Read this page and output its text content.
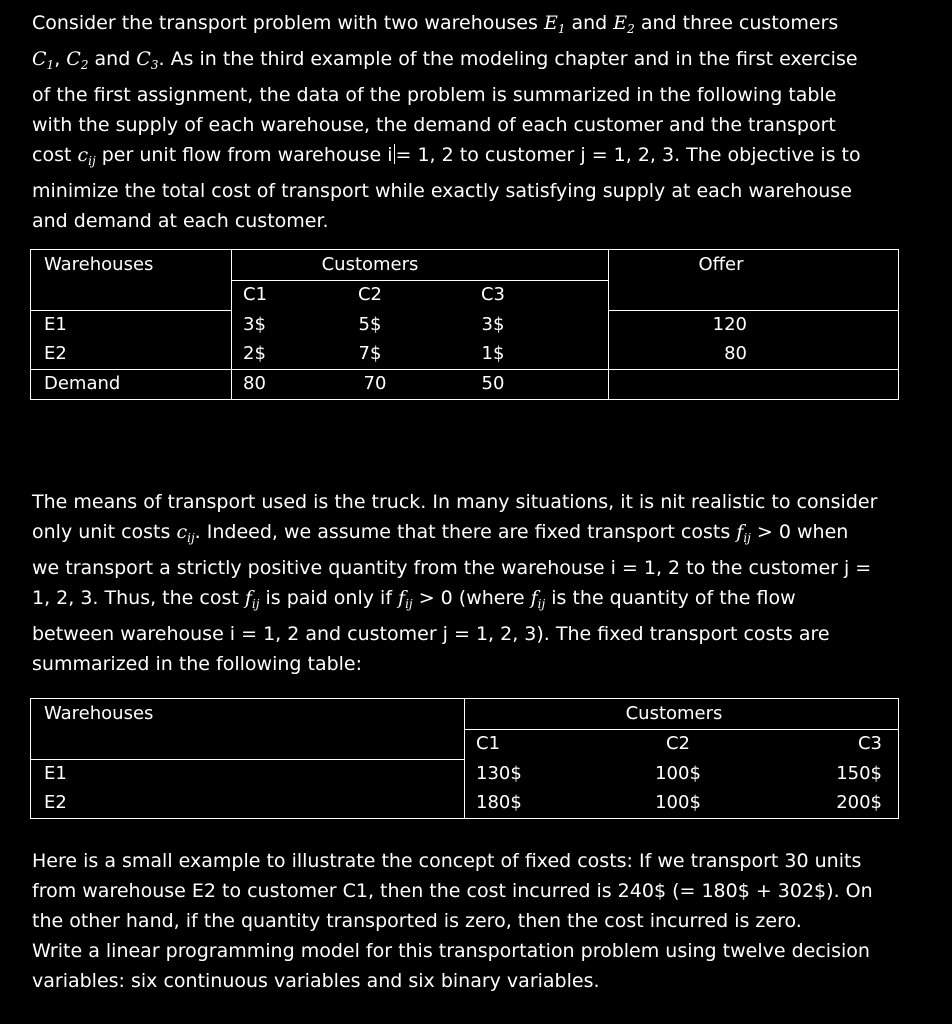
Consider the transport problem with two warehouses $E_1$ and $E_2$ and three customers
$C_1$, $C_2$ and $C_3$. As in the third example of the modeling chapter and in the first exercise
of the first assignment, the data of the problem is summarized in the following table
with the supply of each warehouse, the demand of each customer and the transport
cost $c_{ij}$ per unit flow from warehouse i = 1, 2 to customer j = 1, 2, 3. The objective is to
minimize the total cost of transport while exactly satisfying supply at each warehouse
and demand at each customer.
Warehouses	Customers	Offer
C1	C2	C3
E1	3$	5$	3$	120
E2	2$	7$	1$	80
Demand	80	70	50
The means of transport used is the truck. In many situations, it is nit realistic to consider
only unit costs $c_{ij}$. Indeed, we assume that there are fixed transport costs $f_{ij} > 0$ when
we transport a strictly positive quantity from the warehouse i = 1, 2 to the customer j =
1, 2, 3. Thus, the cost $f_{ij}$ is paid only if $f_{ij} > 0$ (where $f_{ij}$ is the quantity of the flow
between warehouse i = 1, 2 and customer j = 1, 2, 3). The fixed transport costs are
summarized in the following table:
Warehouses	Customers
C1	C2	C3
E1	130$	100$	150$
E2	180$	100$	200$
Here is a small example to illustrate the concept of fixed costs: If we transport 30 units
from warehouse E2 to customer C1, then the cost incurred is 240$ (= 180$ + 302$). On
the other hand, if the quantity transported is zero, then the cost incurred is zero.
Write a linear programming model for this transportation problem using twelve decision
variables: six continuous variables and six binary variables.
